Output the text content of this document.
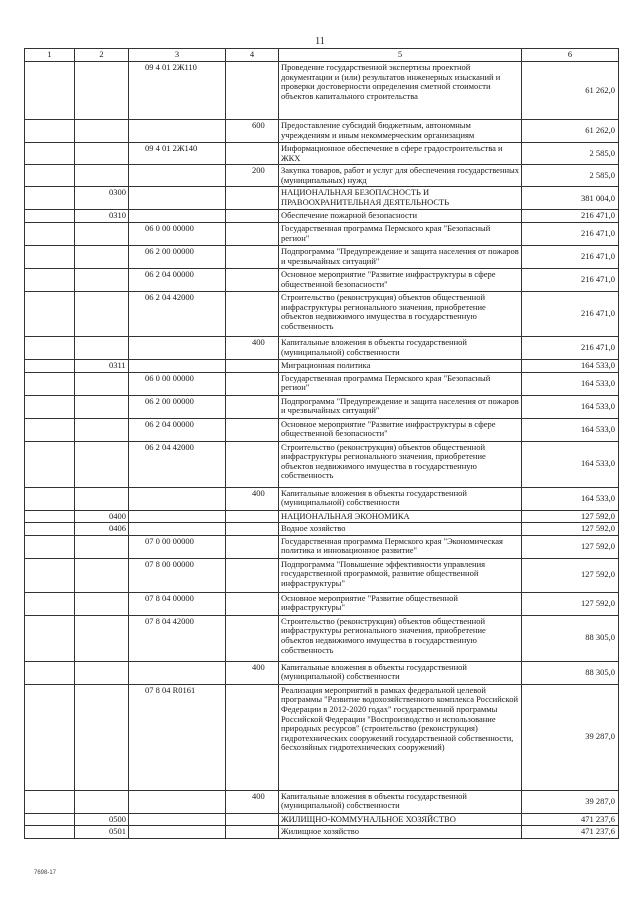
11
1	2	3	4	5	6
		09 4 01 2Ж110		Проведение государственной экспертизы проектной документации и (или) результатов инженерных изысканий и проверки достоверности определения сметной стоимости объектов капитального строительства	61 262,0
			600	Предоставление субсидий бюджетным, автономным учреждениям и иным некоммерческим организациям	61 262,0
		09 4 01 2Ж140		Информационное обеспечение в сфере градостроительства и ЖКХ	2 585,0
			200	Закупка товаров, работ и услуг для обеспечения государственных (муниципальных) нужд	2 585,0
	0300			НАЦИОНАЛЬНАЯ БЕЗОПАСНОСТЬ И ПРАВООХРАНИТЕЛЬНАЯ ДЕЯТЕЛЬНОСТЬ	381 004,0
	0310			Обеспечение пожарной безопасности	216 471,0
		06 0 00 00000		Государственная программа Пермского края "Безопасный регион"	216 471,0
		06 2 00 00000		Подпрограмма "Предупреждение и защита населения от пожаров и чрезвычайных ситуаций"	216 471,0
		06 2 04 00000		Основное мероприятие "Развитие инфраструктуры в сфере общественной безопасности"	216 471,0
		06 2 04 42000		Строительство (реконструкция) объектов общественной инфраструктуры регионального значения, приобретение объектов недвижимого имущества в государственную собственность	216 471,0
			400	Капитальные вложения в объекты государственной (муниципальной) собственности	216 471,0
	0311			Миграционная политика	164 533,0
		06 0 00 00000		Государственная программа Пермского края "Безопасный регион"	164 533,0
		06 2 00 00000		Подпрограмма "Предупреждение и защита населения от пожаров и чрезвычайных ситуаций"	164 533,0
		06 2 04 00000		Основное мероприятие "Развитие инфраструктуры в сфере общественной безопасности"	164 533,0
		06 2 04 42000		Строительство (реконструкция) объектов общественной инфраструктуры регионального значения, приобретение объектов недвижимого имущества в государственную собственность	164 533,0
			400	Капитальные вложения в объекты государственной (муниципальной) собственности	164 533,0
	0400			НАЦИОНАЛЬНАЯ ЭКОНОМИКА	127 592,0
	0406			Водное хозяйство	127 592,0
		07 0 00 00000		Государственная программа Пермского края "Экономическая политика и инновационное развитие"	127 592,0
		07 8 00 00000		Подпрограмма "Повышение эффективности управления государственной программой, развитие общественной инфраструктуры"	127 592,0
		07 8 04 00000		Основное мероприятие "Развитие общественной инфраструктуры"	127 592,0
		07 8 04 42000		Строительство (реконструкция) объектов общественной инфраструктуры регионального значения, приобретение объектов недвижимого имущества в государственную собственность	88 305,0
			400	Капитальные вложения в объекты государственной (муниципальной) собственности	88 305,0
		07 8 04 R0161		Реализация мероприятий в рамках федеральной целевой программы "Развитие водохозяйственного комплекса Российской Федерации в 2012-2020 годах" государственной программы Российской Федерации "Воспроизводство и использование природных ресурсов" (строительство (реконструкция) гидротехнических сооружений государственной собственности, бесхозяйных гидротехнических сооружений)	39 287,0
			400	Капитальные вложения в объекты государственной (муниципальной) собственности	39 287,0
	0500			ЖИЛИЩНО-КОММУНАЛЬНОЕ ХОЗЯЙСТВО	471 237,6
	0501			Жилищное хозяйство	471 237,6
7698-17
